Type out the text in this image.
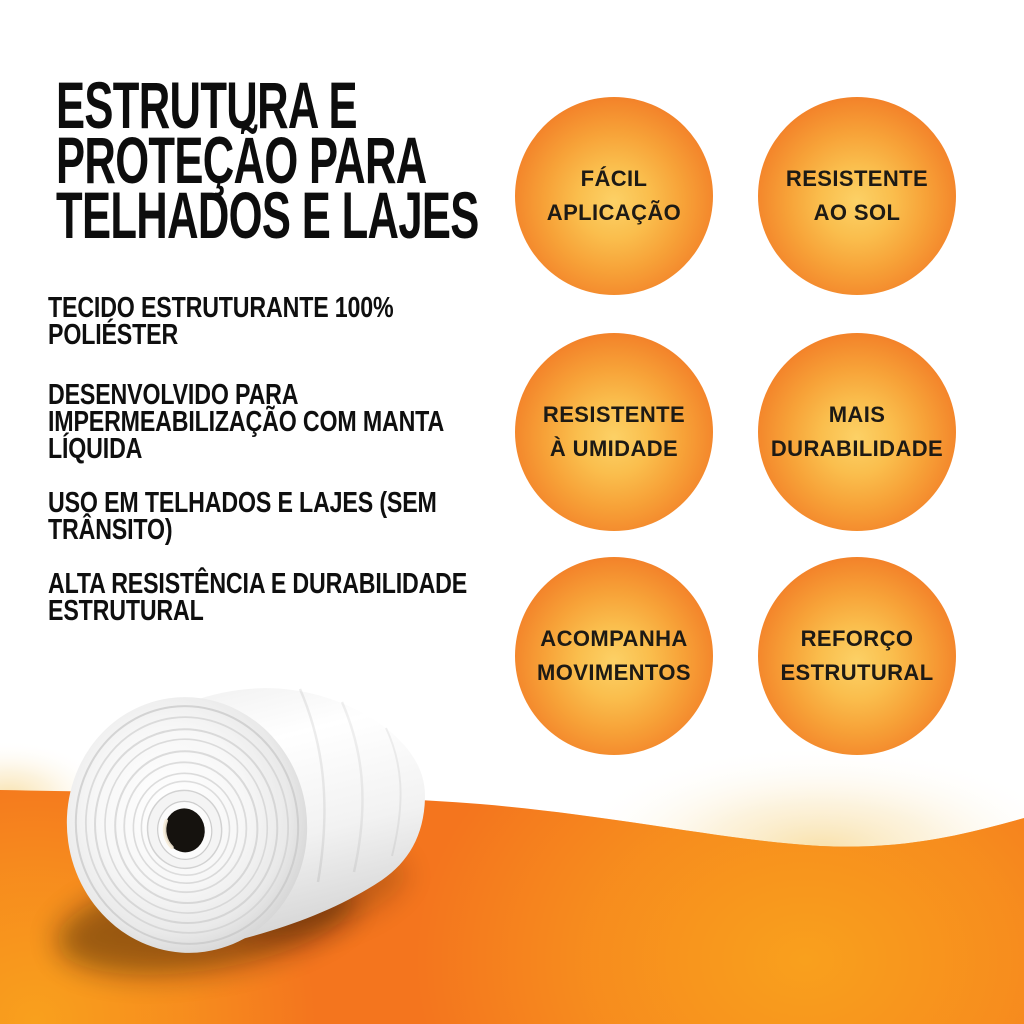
ESTRUTURA E
PROTEÇÃO PARA
TELHADOS E LAJES
TECIDO ESTRUTURANTE 100%
POLIÉSTER
DESENVOLVIDO PARA
IMPERMEABILIZAÇÃO COM MANTA
LÍQUIDA
USO EM TELHADOS E LAJES (SEM
TRÂNSITO)
ALTA RESISTÊNCIA E DURABILIDADE
ESTRUTURAL
FÁCIL
APLICAÇÃO
RESISTENTE
AO SOL
RESISTENTE
À UMIDADE
MAIS
DURABILIDADE
ACOMPANHA
MOVIMENTOS
REFORÇO
ESTRUTURAL
